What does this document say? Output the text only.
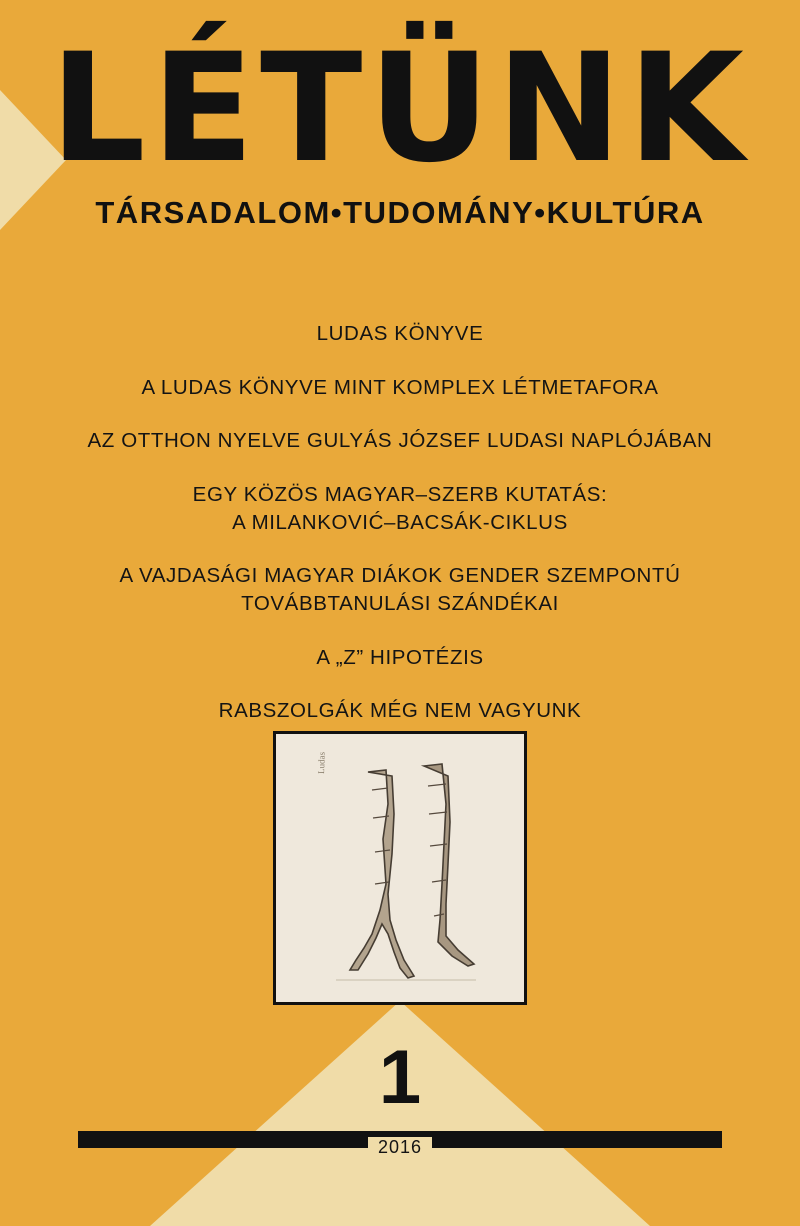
LÉTÜNK
TÁRSADALOM•TUDOMÁNY•KULTÚRA
LUDAS KÖNYVE
A LUDAS KÖNYVE MINT KOMPLEX LÉTMETAFORA
AZ OTTHON NYELVE GULYÁS JÓZSEF LUDASI NAPLÓJÁBAN
EGY KÖZÖS MAGYAR–SZERB KUTATÁS:
A MILANKOVIĆ–BACSÁK-CIKLUS
A VAJDASÁGI MAGYAR DIÁKOK GENDER SZEMPONTÚ
TOVÁBBTANULÁSI SZÁNDÉKAI
A „Z” HIPOTÉZIS
RABSZOLGÁK MÉG NEM VAGYUNK
Ludas
1
2016
